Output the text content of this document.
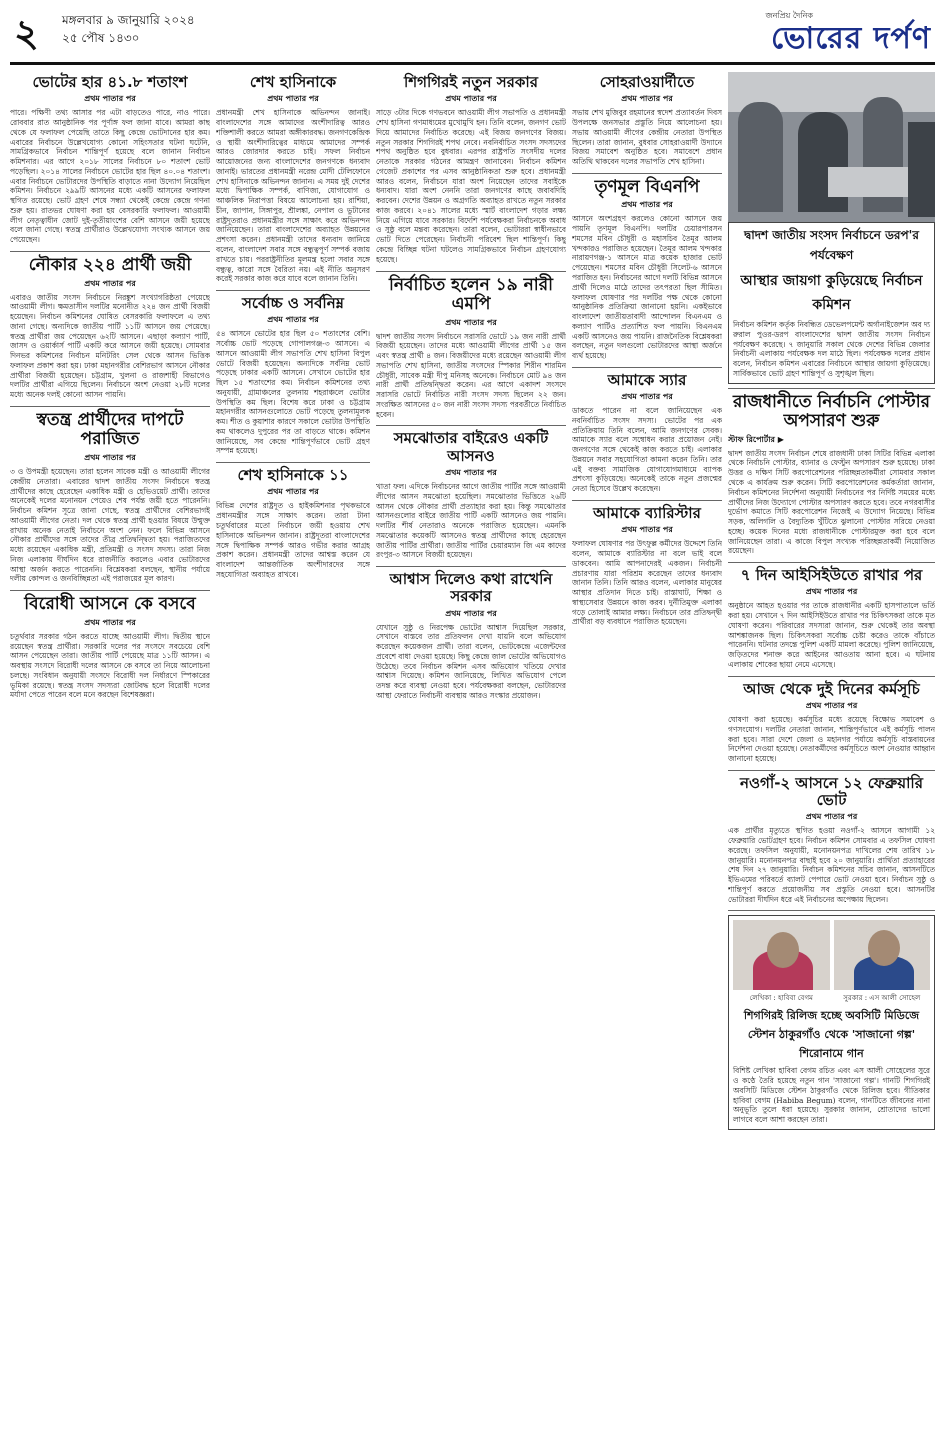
২ মঙ্গলবার ৯ জানুয়ারি ২০২৪
২৫ পৌষ ১৪৩০
জনপ্রিয় দৈনিক
ভোরের দর্পণ
ভোটের হার ৪১.৮ শতাংশ
প্রথম পাতার পর
পারে। পক্ষিণী তথ্য আসার পর এটা বাড়তেও পারে, নাও পারে। রোববার রাত আনুষ্ঠানিক পর পূর্ণাঙ্গ ফল জানা যাবে। আমরা কাছ থেকে যে ফলাফল পেয়েছি তাতে কিছু কেন্দ্রে ভোটদানের হার কম। এবারের নির্বাচনে উল্লেখযোগ্য কোনো সহিংসতার ঘটনা ঘটেনি, সামগ্রিকভাবে নির্বাচন শান্তিপূর্ণ হয়েছে বলে জানান নির্বাচন কমিশনার। এর আগে ২০১৮ সালের নির্বাচনে ৮০ শতাংশ ভোট পড়েছিল। ২০১৪ সালের নির্বাচনে ভোটের হার ছিল ৪০.০৪ শতাংশ। এবার নির্বাচনে ভোটারদের উপস্থিতি বাড়াতে নানা উদ্যোগ নিয়েছিল কমিশন। নির্বাচনে ২৯৯টি আসনের মধ্যে একটি আসনের ফলাফল স্থগিত রয়েছে। ভোট গ্রহণ শেষে সন্ধ্যা থেকেই কেন্দ্রে কেন্দ্রে গণনা শুরু হয়। রাতভর ঘোষণা করা হয় বেসরকারি ফলাফল। আওয়ামী লীগ নেতৃত্বাধীন জোট দুই-তৃতীয়াংশের বেশি আসনে জয়ী হয়েছে বলে জানা গেছে। স্বতন্ত্র প্রার্থীরাও উল্লেখযোগ্য সংখ্যক আসনে জয় পেয়েছেন।
নৌকার ২২৪ প্রার্থী জয়ী
প্রথম পাতার পর
এবারও জাতীয় সংসদ নির্বাচনে নিরঙ্কুশ সংখ্যাগরিষ্ঠতা পেয়েছে আওয়ামী লীগ। ক্ষমতাসীন দলটির মনোনীত ২২৪ জন প্রার্থী বিজয়ী হয়েছেন। নির্বাচন কমিশনের ঘোষিত বেসরকারি ফলাফলে এ তথ্য জানা গেছে। অন্যদিকে জাতীয় পার্টি ১১টি আসনে জয় পেয়েছে। স্বতন্ত্র প্রার্থীরা জয় পেয়েছেন ৬২টি আসনে। এছাড়া কল্যাণ পার্টি, জাসদ ও ওয়ার্কার্স পার্টি একটি করে আসনে জয়ী হয়েছে। সোমবার দিনভর কমিশনের নির্বাচন মনিটরিং সেল থেকে আসন ভিত্তিক ফলাফল প্রকাশ করা হয়। ঢাকা মহানগরীর বেশিরভাগ আসনে নৌকার প্রার্থীরা বিজয়ী হয়েছেন। চট্টগ্রাম, খুলনা ও রাজশাহী বিভাগেও দলটির প্রার্থীরা এগিয়ে ছিলেন। নির্বাচনে অংশ নেওয়া ২৮টি দলের মধ্যে অনেক দলই কোনো আসন পায়নি।
স্বতন্ত্র প্রার্থীদের দাপটে পরাজিত
প্রথম পাতার পর
৩ ও উপমন্ত্রী হয়েছেন। তারা হলেন সাবেক মন্ত্রী ও আওয়ামী লীগের কেন্দ্রীয় নেতারা। এবারের দ্বাদশ জাতীয় সংসদ নির্বাচনে স্বতন্ত্র প্রার্থীদের কাছে হেরেছেন একাধিক মন্ত্রী ও হেভিওয়েট প্রার্থী। তাদের অনেকেই দলের মনোনয়ন পেয়েও শেষ পর্যন্ত জয়ী হতে পারেননি। নির্বাচন কমিশন সূত্রে জানা গেছে, স্বতন্ত্র প্রার্থীদের বেশিরভাগই আওয়ামী লীগের নেতা। দল থেকে স্বতন্ত্র প্রার্থী হওয়ার বিষয়ে উন্মুক্ত রাখায় অনেক নেতাই নির্বাচনে অংশ নেন। ফলে বিভিন্ন আসনে নৌকার প্রার্থীদের সঙ্গে তাদের তীব্র প্রতিদ্বন্দ্বিতা হয়। পরাজিতদের মধ্যে রয়েছেন একাধিক মন্ত্রী, প্রতিমন্ত্রী ও সংসদ সদস্য। তারা নিজ নিজ এলাকায় দীর্ঘদিন ধরে রাজনীতি করলেও এবার ভোটারদের আস্থা অর্জন করতে পারেননি। বিশ্লেষকরা বলছেন, স্থানীয় পর্যায়ে দলীয় কোন্দল ও জনবিচ্ছিন্নতা এই পরাজয়ের মূল কারণ।
বিরোধী আসনে কে বসবে
প্রথম পাতার পর
চতুর্থবার সরকার গঠন করতে যাচ্ছে আওয়ামী লীগ। দ্বিতীয় স্থানে রয়েছেন স্বতন্ত্র প্রার্থীরা। সরকারি দলের পর সংসদে সবচেয়ে বেশি আসন পেয়েছেন তারা। জাতীয় পার্টি পেয়েছে মাত্র ১১টি আসন। এ অবস্থায় সংসদে বিরোধী দলের আসনে কে বসবে তা নিয়ে আলোচনা চলছে। সংবিধান অনুযায়ী সংসদে বিরোধী দল নির্ধারণে স্পিকারের ভূমিকা রয়েছে। স্বতন্ত্র সংসদ সদস্যরা জোটবদ্ধ হলে বিরোধী দলের মর্যাদা পেতে পারেন বলে মনে করছেন বিশেষজ্ঞরা।
শেখ হাসিনাকে
প্রথম পাতার পর
প্রধানমন্ত্রী শেখ হাসিনাকে অভিনন্দন জানাই। বাংলাদেশের সঙ্গে আমাদের অংশীদারিত্ব আরও শক্তিশালী করতে আমরা অঙ্গীকারবদ্ধ। জনগণকেন্দ্রিক ও স্থায়ী অংশীদারিত্বের মাধ্যমে আমাদের সম্পর্ক আরও জোরদার করতে চাই। সফল নির্বাচন আয়োজনের জন্য বাংলাদেশের জনগণকে ধন্যবাদ জানাই। ভারতের প্রধানমন্ত্রী নরেন্দ্র মোদী টেলিফোনে শেখ হাসিনাকে অভিনন্দন জানান। এ সময় দুই দেশের মধ্যে দ্বিপাক্ষিক সম্পর্ক, বাণিজ্য, যোগাযোগ ও আঞ্চলিক নিরাপত্তা বিষয়ে আলোচনা হয়। রাশিয়া, চীন, জাপান, সিঙ্গাপুর, শ্রীলঙ্কা, নেপাল ও ভুটানের রাষ্ট্রদূতরাও প্রধানমন্ত্রীর সঙ্গে সাক্ষাৎ করে অভিনন্দন জানিয়েছেন। তারা বাংলাদেশের অব্যাহত উন্নয়নের প্রশংসা করেন। প্রধানমন্ত্রী তাদের ধন্যবাদ জানিয়ে বলেন, বাংলাদেশ সবার সঙ্গে বন্ধুত্বপূর্ণ সম্পর্ক বজায় রাখতে চায়। পররাষ্ট্রনীতির মূলমন্ত্র হলো সবার সঙ্গে বন্ধুত্ব, কারো সঙ্গে বৈরিতা নয়। এই নীতি অনুসরণ করেই সরকার কাজ করে যাবে বলে জানান তিনি।
সর্বোচ্চ ও সর্বনিম্ন
প্রথম পাতার পর
৫৪ আসনে ভোটের হার ছিল ৫০ শতাংশের বেশি। সর্বোচ্চ ভোট পড়েছে গোপালগঞ্জ-৩ আসনে। এ আসনে আওয়ামী লীগ সভাপতি শেখ হাসিনা বিপুল ভোটে বিজয়ী হয়েছেন। অন্যদিকে সর্বনিম্ন ভোট পড়েছে ঢাকার একটি আসনে। সেখানে ভোটের হার ছিল ১৫ শতাংশের কম। নির্বাচন কমিশনের তথ্য অনুযায়ী, গ্রামাঞ্চলের তুলনায় শহরাঞ্চলে ভোটার উপস্থিতি কম ছিল। বিশেষ করে ঢাকা ও চট্টগ্রাম মহানগরীর আসনগুলোতে ভোট পড়েছে তুলনামূলক কম। শীত ও কুয়াশার কারণে সকালে ভোটার উপস্থিতি কম থাকলেও দুপুরের পর তা বাড়তে থাকে। কমিশন জানিয়েছে, সব কেন্দ্রে শান্তিপূর্ণভাবে ভোট গ্রহণ সম্পন্ন হয়েছে।
শেখ হাসিনাকে ১১
প্রথম পাতার পর
বিভিন্ন দেশের রাষ্ট্রদূত ও হাইকমিশনার পৃথকভাবে প্রধানমন্ত্রীর সঙ্গে সাক্ষাৎ করেন। তারা টানা চতুর্থবারের মতো নির্বাচনে জয়ী হওয়ায় শেখ হাসিনাকে অভিনন্দন জানান। রাষ্ট্রদূতরা বাংলাদেশের সঙ্গে দ্বিপাক্ষিক সম্পর্ক আরও গভীর করার আগ্রহ প্রকাশ করেন। প্রধানমন্ত্রী তাদের আশ্বস্ত করেন যে বাংলাদেশ আন্তর্জাতিক অংশীদারদের সঙ্গে সহযোগিতা অব্যাহত রাখবে।
শিগগিরই নতুন সরকার
প্রথম পাতার পর
সাড়ে ৩টার দিকে গণভবনে আওয়ামী লীগ সভাপতি ও প্রধানমন্ত্রী শেখ হাসিনা গণমাধ্যমের মুখোমুখি হন। তিনি বলেন, জনগণ ভোট দিয়ে আমাদের নির্বাচিত করেছে। এই বিজয় জনগণের বিজয়। নতুন সরকার শিগগিরই শপথ নেবে। নবনির্বাচিত সংসদ সদস্যদের শপথ অনুষ্ঠিত হবে বুধবার। এরপর রাষ্ট্রপতি সংসদীয় দলের নেতাকে সরকার গঠনের আমন্ত্রণ জানাবেন। নির্বাচন কমিশন গেজেট প্রকাশের পর এসব আনুষ্ঠানিকতা শুরু হবে। প্রধানমন্ত্রী আরও বলেন, নির্বাচনে যারা অংশ নিয়েছেন তাদের সবাইকে ধন্যবাদ। যারা অংশ নেননি তারা জনগণের কাছে জবাবদিহি করবেন। দেশের উন্নয়ন ও অগ্রগতি অব্যাহত রাখতে নতুন সরকার কাজ করবে। ২০৪১ সালের মধ্যে স্মার্ট বাংলাদেশ গড়ার লক্ষ্য নিয়ে এগিয়ে যাবে সরকার। বিদেশি পর্যবেক্ষকরা নির্বাচনকে অবাধ ও সুষ্ঠু বলে মন্তব্য করেছেন। তারা বলেন, ভোটাররা স্বাধীনভাবে ভোট দিতে পেরেছেন। নির্বাচনী পরিবেশ ছিল শান্তিপূর্ণ। কিছু কেন্দ্রে বিচ্ছিন্ন ঘটনা ঘটলেও সামগ্রিকভাবে নির্বাচন গ্রহণযোগ্য হয়েছে।
নির্বাচিত হলেন ১৯ নারী এমপি
প্রথম পাতার পর
দ্বাদশ জাতীয় সংসদ নির্বাচনে সরাসরি ভোটে ১৯ জন নারী প্রার্থী বিজয়ী হয়েছেন। তাদের মধ্যে আওয়ামী লীগের প্রার্থী ১৫ জন এবং স্বতন্ত্র প্রার্থী ৪ জন। বিজয়ীদের মধ্যে রয়েছেন আওয়ামী লীগ সভাপতি শেখ হাসিনা, জাতীয় সংসদের স্পিকার শিরীন শারমিন চৌধুরী, সাবেক মন্ত্রী দীপু মনিসহ অনেকে। নির্বাচনে মোট ৯৪ জন নারী প্রার্থী প্রতিদ্বন্দ্বিতা করেন। এর আগে একাদশ সংসদে সরাসরি ভোটে নির্বাচিত নারী সংসদ সদস্য ছিলেন ২২ জন। সংরক্ষিত আসনের ৫০ জন নারী সংসদ সদস্য পরবর্তীতে নির্বাচিত হবেন।
সমঝোতার বাইরেও একটি আসনও
প্রথম পাতার পর
খাতা ফল। এদিকে নির্বাচনের আগে জাতীয় পার্টির সঙ্গে আওয়ামী লীগের আসন সমঝোতা হয়েছিল। সমঝোতার ভিত্তিতে ২৬টি আসন থেকে নৌকার প্রার্থী প্রত্যাহার করা হয়। কিন্তু সমঝোতার আসনগুলোর বাইরে জাতীয় পার্টি একটি আসনেও জয় পায়নি। দলটির শীর্ষ নেতারাও অনেকে পরাজিত হয়েছেন। এমনকি সমঝোতার কয়েকটি আসনেও স্বতন্ত্র প্রার্থীদের কাছে হেরেছেন জাতীয় পার্টির প্রার্থীরা। জাতীয় পার্টির চেয়ারম্যান জি এম কাদের রংপুর-৩ আসনে বিজয়ী হয়েছেন।
আশ্বাস দিলেও কথা রাখেনি সরকার
প্রথম পাতার পর
যেখানে সুষ্ঠু ও নিরপেক্ষ ভোটের আশ্বাস দিয়েছিল সরকার, সেখানে বাস্তবে তার প্রতিফলন দেখা যায়নি বলে অভিযোগ করেছেন কয়েকজন প্রার্থী। তারা বলেন, ভোটকেন্দ্রে এজেন্টদের প্রবেশে বাধা দেওয়া হয়েছে। কিছু কেন্দ্রে জাল ভোটের অভিযোগও উঠেছে। তবে নির্বাচন কমিশন এসব অভিযোগ খতিয়ে দেখার আশ্বাস দিয়েছে। কমিশন জানিয়েছে, লিখিত অভিযোগ পেলে তদন্ত করে ব্যবস্থা নেওয়া হবে। পর্যবেক্ষকরা বলছেন, ভোটারদের আস্থা ফেরাতে নির্বাচনী ব্যবস্থায় আরও সংস্কার প্রয়োজন।
সোহরাওয়ার্দীতে
প্রথম পাতার পর
সভায় শেখ মুজিবুর রহমানের স্বদেশ প্রত্যাবর্তন দিবস উপলক্ষে জনসভার প্রস্তুতি নিয়ে আলোচনা হয়। সভায় আওয়ামী লীগের কেন্দ্রীয় নেতারা উপস্থিত ছিলেন। তারা জানান, বুধবার সোহরাওয়ার্দী উদ্যানে বিজয় সমাবেশ অনুষ্ঠিত হবে। সমাবেশে প্রধান অতিথি থাকবেন দলের সভাপতি শেখ হাসিনা।
তৃণমূল বিএনপি
প্রথম পাতার পর
আসনে অংশগ্রহণ করলেও কোনো আসনে জয় পায়নি তৃণমূল বিএনপি। দলটির চেয়ারপারসন শমসের মবিন চৌধুরী ও মহাসচিব তৈমূর আলম খন্দকারও পরাজিত হয়েছেন। তৈমূর আলম খন্দকার নারায়ণগঞ্জ-১ আসনে মাত্র কয়েক হাজার ভোট পেয়েছেন। শমসের মবিন চৌধুরী সিলেট-৬ আসনে পরাজিত হন। নির্বাচনের আগে দলটি বিভিন্ন আসনে প্রার্থী দিলেও মাঠে তাদের তৎপরতা ছিল সীমিত। ফলাফল ঘোষণার পর দলটির পক্ষ থেকে কোনো আনুষ্ঠানিক প্রতিক্রিয়া জানানো হয়নি। একইভাবে বাংলাদেশ জাতীয়তাবাদী আন্দোলন বিএনএম ও কল্যাণ পার্টিও প্রত্যাশিত ফল পায়নি। বিএনএম একটি আসনেও জয় পায়নি। রাজনৈতিক বিশ্লেষকরা বলছেন, নতুন দলগুলো ভোটারদের আস্থা অর্জনে ব্যর্থ হয়েছে।
আমাকে স্যার
প্রথম পাতার পর
ডাকতে পারেন না বলে জানিয়েছেন এক নবনির্বাচিত সংসদ সদস্য। ভোটের পর এক প্রতিক্রিয়ায় তিনি বলেন, আমি জনগণের সেবক। আমাকে স্যার বলে সম্বোধন করার প্রয়োজন নেই। জনগণের সঙ্গে থেকেই কাজ করতে চাই। এলাকার উন্নয়নে সবার সহযোগিতা কামনা করেন তিনি। তার এই বক্তব্য সামাজিক যোগাযোগমাধ্যমে ব্যাপক প্রশংসা কুড়িয়েছে। অনেকেই তাকে নতুন প্রজন্মের নেতা হিসেবে উল্লেখ করেছেন।
আমাকে ব্যারিস্টার
প্রথম পাতার পর
ফলাফল ঘোষণার পর উৎফুল্ল কর্মীদের উদ্দেশে তিনি বলেন, আমাকে ব্যারিস্টার না বলে ভাই বলে ডাকবেন। আমি আপনাদেরই একজন। নির্বাচনী প্রচারণায় যারা পরিশ্রম করেছেন তাদের ধন্যবাদ জানান তিনি। তিনি আরও বলেন, এলাকার মানুষের আস্থার প্রতিদান দিতে চাই। রাস্তাঘাট, শিক্ষা ও স্বাস্থ্যসেবার উন্নয়নে কাজ করব। দুর্নীতিমুক্ত এলাকা গড়ে তোলাই আমার লক্ষ্য। নির্বাচনে তার প্রতিদ্বন্দ্বী প্রার্থীরা বড় ব্যবধানে পরাজিত হয়েছেন।
দ্বাদশ জাতীয় সংসদ নির্বাচনে ডরপ'র পর্যবেক্ষণ
আস্থার জায়গা কুড়িয়েছে নির্বাচন কমিশন
নির্বাচন কমিশন কর্তৃক নিবন্ধিত ডেভেলপমেন্ট অর্গানাইজেশন অব দ্য রুরাল পুওর-ডরপ বাংলাদেশের দ্বাদশ জাতীয় সংসদ নির্বাচন পর্যবেক্ষণ করেছে। ৭ জানুয়ারি সকাল থেকে দেশের বিভিন্ন জেলার নির্বাচনী এলাকায় পর্যবেক্ষক দল মাঠে ছিল। পর্যবেক্ষক দলের প্রধান বলেন, নির্বাচন কমিশন এবারের নির্বাচনে আস্থার জায়গা কুড়িয়েছে। সার্বিকভাবে ভোট গ্রহণ শান্তিপূর্ণ ও সুশৃঙ্খল ছিল।
রাজধানীতে নির্বাচনি পোস্টার অপসারণ শুরু
স্টাফ রিপোর্টার ▶
দ্বাদশ জাতীয় সংসদ নির্বাচন শেষে রাজধানী ঢাকা সিটির বিভিন্ন এলাকা থেকে নির্বাচনি পোস্টার, ব্যানার ও ফেস্টুন অপসারণ শুরু হয়েছে। ঢাকা উত্তর ও দক্ষিণ সিটি করপোরেশনের পরিচ্ছন্নতাকর্মীরা সোমবার সকাল থেকে এ কার্যক্রম শুরু করেন। সিটি করপোরেশনের কর্মকর্তারা জানান, নির্বাচন কমিশনের নির্দেশনা অনুযায়ী নির্বাচনের পর নির্দিষ্ট সময়ের মধ্যে প্রার্থীদের নিজ উদ্যোগে পোস্টার অপসারণ করতে হবে। তবে নগরবাসীর দুর্ভোগ কমাতে সিটি করপোরেশন নিজেই এ উদ্যোগ নিয়েছে। বিভিন্ন সড়ক, অলিগলি ও বৈদ্যুতিক খুঁটিতে ঝুলানো পোস্টার সরিয়ে নেওয়া হচ্ছে। কয়েক দিনের মধ্যে রাজধানীকে পোস্টারমুক্ত করা হবে বলে জানিয়েছেন তারা। এ কাজে বিপুল সংখ্যক পরিচ্ছন্নতাকর্মী নিয়োজিত রয়েছেন।
৭ দিন আইসিইউতে রাখার পর
প্রথম পাতার পর
অনুষ্ঠানে আহত হওয়ার পর তাকে রাজধানীর একটি হাসপাতালে ভর্তি করা হয়। সেখানে ৭ দিন আইসিইউতে রাখার পর চিকিৎসকরা তাকে মৃত ঘোষণা করেন। পরিবারের সদস্যরা জানান, শুরু থেকেই তার অবস্থা আশঙ্কাজনক ছিল। চিকিৎসকরা সর্বোচ্চ চেষ্টা করেও তাকে বাঁচাতে পারেননি। ঘটনার তদন্তে পুলিশ একটি মামলা করেছে। পুলিশ জানিয়েছে, জড়িতদের শনাক্ত করে আইনের আওতায় আনা হবে। এ ঘটনায় এলাকায় শোকের ছায়া নেমে এসেছে।
আজ থেকে দুই দিনের কর্মসূচি
প্রথম পাতার পর
ঘোষণা করা হয়েছে। কর্মসূচির মধ্যে রয়েছে বিক্ষোভ সমাবেশ ও গণসংযোগ। দলটির নেতারা জানান, শান্তিপূর্ণভাবে এই কর্মসূচি পালন করা হবে। সারা দেশে জেলা ও মহানগর পর্যায়ে কর্মসূচি বাস্তবায়নের নির্দেশনা দেওয়া হয়েছে। নেতাকর্মীদের কর্মসূচিতে অংশ নেওয়ার আহ্বান জানানো হয়েছে।
নওগাঁ-২ আসনে ১২ ফেব্রুয়ারি ভোট
প্রথম পাতার পর
এক প্রার্থীর মৃত্যুতে স্থগিত হওয়া নওগাঁ-২ আসনে আগামী ১২ ফেব্রুয়ারি ভোটগ্রহণ হবে। নির্বাচন কমিশন সোমবার এ তফসিল ঘোষণা করেছে। তফসিল অনুযায়ী, মনোনয়নপত্র দাখিলের শেষ তারিখ ১৮ জানুয়ারি। মনোনয়নপত্র বাছাই হবে ২০ জানুয়ারি। প্রার্থিতা প্রত্যাহারের শেষ দিন ২৭ জানুয়ারি। নির্বাচন কমিশনের সচিব জানান, আসনটিতে ইভিএমের পরিবর্তে ব্যালট পেপারে ভোট নেওয়া হবে। নির্বাচন সুষ্ঠু ও শান্তিপূর্ণ করতে প্রয়োজনীয় সব প্রস্তুতি নেওয়া হবে। আসনটির ভোটাররা দীর্ঘদিন ধরে এই নির্বাচনের অপেক্ষায় ছিলেন।
লেখিকা : হাবিবা বেগম	সুরকার : এস আলী সোহেল
শিগগিরই রিলিজ হচ্ছে অবসিটি মিডিজে স্টেশন ঠাকুরগাঁও থেকে 'সাজানো গল্প' শিরোনামে গান
বিশিষ্ট লেখিকা হাবিবা বেগম রচিত এবং এস আলী সোহেলের সুরে ও কণ্ঠে তৈরি হয়েছে নতুন গান 'সাজানো গল্প'। গানটি শিগগিরই অবসিটি মিডিজে স্টেশন ঠাকুরগাঁও থেকে রিলিজ হবে। গীতিকার হাবিবা বেগম (Habiba Begum) বলেন, গানটিতে জীবনের নানা অনুভূতি তুলে ধরা হয়েছে। সুরকার জানান, শ্রোতাদের ভালো লাগবে বলে আশা করছেন তারা।
